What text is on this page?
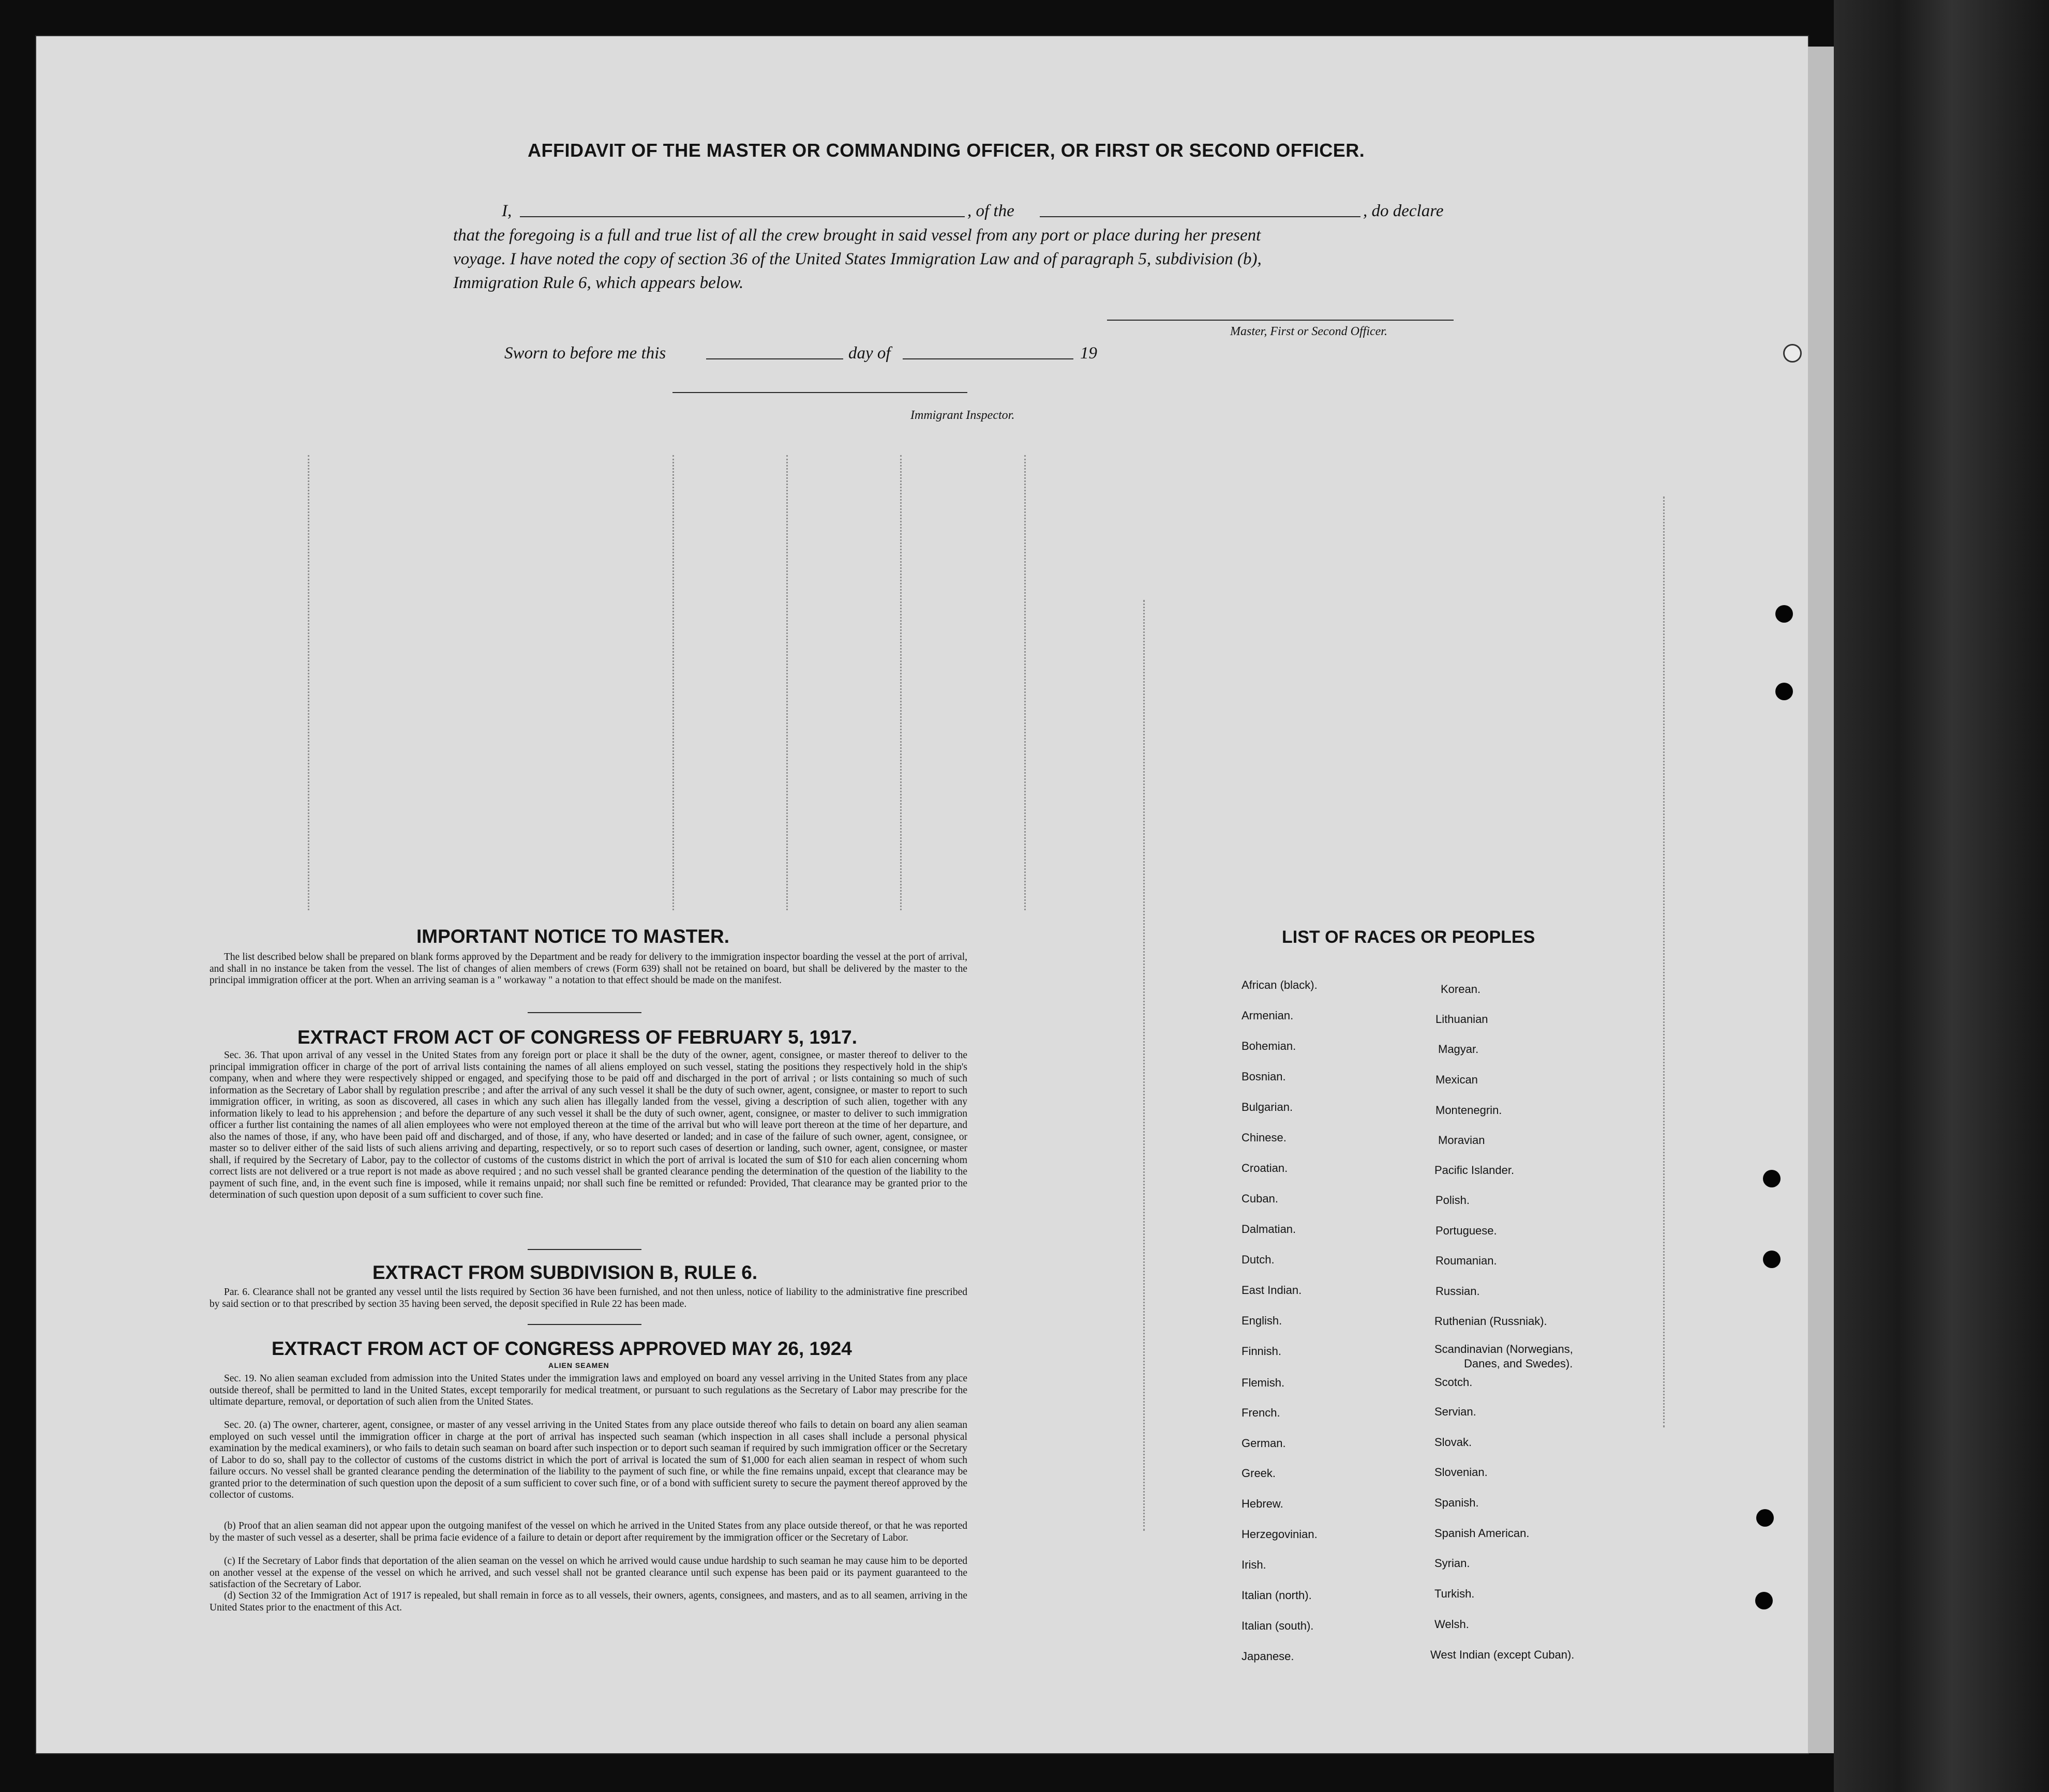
AFFIDAVIT OF THE MASTER OR COMMANDING OFFICER, OR FIRST OR SECOND OFFICER.
I,	, of the	, do declare
that the foregoing is a full and true list of all the crew brought in said vessel from any port or place during her present
voyage. I have noted the copy of section 36 of the United States Immigration Law and of paragraph 5, subdivision (b),
Immigration Rule 6, which appears below.
Master, First or Second Officer.
Sworn to before me this	day of	19
Immigrant Inspector.
IMPORTANT NOTICE TO MASTER.
The list described below shall be prepared on blank forms approved by the Department and be ready for delivery to the immigration inspector boarding the vessel at the port of arrival, and shall in no instance be taken from the vessel. The list of changes of alien members of crews (Form 639) shall not be retained on board, but shall be delivered by the master to the principal immigration officer at the port. When an arriving seaman is a " workaway " a notation to that effect should be made on the manifest.
EXTRACT FROM ACT OF CONGRESS OF FEBRUARY 5, 1917.
Sec. 36. That upon arrival of any vessel in the United States from any foreign port or place it shall be the duty of the owner, agent, consignee, or master thereof to deliver to the principal immigration officer in charge of the port of arrival lists containing the names of all aliens employed on such vessel, stating the positions they respectively hold in the ship's company, when and where they were respectively shipped or engaged, and specifying those to be paid off and discharged in the port of arrival ; or lists containing so much of such information as the Secretary of Labor shall by regulation prescribe ; and after the arrival of any such vessel it shall be the duty of such owner, agent, consignee, or master to report to such immigration officer, in writing, as soon as discovered, all cases in which any such alien has illegally landed from the vessel, giving a description of such alien, together with any information likely to lead to his apprehension ; and before the departure of any such vessel it shall be the duty of such owner, agent, consignee, or master to deliver to such immigration officer a further list containing the names of all alien employees who were not employed thereon at the time of the arrival but who will leave port thereon at the time of her departure, and also the names of those, if any, who have been paid off and discharged, and of those, if any, who have deserted or landed; and in case of the failure of such owner, agent, consignee, or master so to deliver either of the said lists of such aliens arriving and departing, respectively, or so to report such cases of desertion or landing, such owner, agent, consignee, or master shall, if required by the Secretary of Labor, pay to the collector of customs of the customs district in which the port of arrival is located the sum of $10 for each alien concerning whom correct lists are not delivered or a true report is not made as above required ; and no such vessel shall be granted clearance pending the determination of the question of the liability to the payment of such fine, and, in the event such fine is imposed, while it remains unpaid; nor shall such fine be remitted or refunded: Provided, That clearance may be granted prior to the determination of such question upon deposit of a sum sufficient to cover such fine.
EXTRACT FROM SUBDIVISION B, RULE 6.
Par. 6. Clearance shall not be granted any vessel until the lists required by Section 36 have been furnished, and not then unless, notice of liability to the administrative fine prescribed by said section or to that prescribed by section 35 having been served, the deposit specified in Rule 22 has been made.
EXTRACT FROM ACT OF CONGRESS APPROVED MAY 26, 1924
ALIEN SEAMEN
Sec. 19. No alien seaman excluded from admission into the United States under the immigration laws and employed on board any vessel arriving in the United States from any place outside thereof, shall be permitted to land in the United States, except temporarily for medical treatment, or pursuant to such regulations as the Secretary of Labor may prescribe for the ultimate departure, removal, or deportation of such alien from the United States.
Sec. 20. (a) The owner, charterer, agent, consignee, or master of any vessel arriving in the United States from any place outside thereof who fails to detain on board any alien seaman employed on such vessel until the immigration officer in charge at the port of arrival has inspected such seaman (which inspection in all cases shall include a personal physical examination by the medical examiners), or who fails to detain such seaman on board after such inspection or to deport such seaman if required by such immigration officer or the Secretary of Labor to do so, shall pay to the collector of customs of the customs district in which the port of arrival is located the sum of $1,000 for each alien seaman in respect of whom such failure occurs. No vessel shall be granted clearance pending the determination of the liability to the payment of such fine, or while the fine remains unpaid, except that clearance may be granted prior to the determination of such question upon the deposit of a sum sufficient to cover such fine, or of a bond with sufficient surety to secure the payment thereof approved by the collector of customs.
(b) Proof that an alien seaman did not appear upon the outgoing manifest of the vessel on which he arrived in the United States from any place outside thereof, or that he was reported by the master of such vessel as a deserter, shall be prima facie evidence of a failure to detain or deport after requirement by the immigration officer or the Secretary of Labor.
(c) If the Secretary of Labor finds that deportation of the alien seaman on the vessel on which he arrived would cause undue hardship to such seaman he may cause him to be deported on another vessel at the expense of the vessel on which he arrived, and such vessel shall not be granted clearance until such expense has been paid or its payment guaranteed to the satisfaction of the Secretary of Labor.
(d) Section 32 of the Immigration Act of 1917 is repealed, but shall remain in force as to all vessels, their owners, agents, consignees, and masters, and as to all seamen, arriving in the United States prior to the enactment of this Act.
LIST OF RACES OR PEOPLES
African (black).
Armenian.
Bohemian.
Bosnian.
Bulgarian.
Chinese.
Croatian.
Cuban.
Dalmatian.
Dutch.
East Indian.
English.
Finnish.
Flemish.
French.
German.
Greek.
Hebrew.
Herzegovinian.
Irish.
Italian (north).
Italian (south).
Japanese.
Korean.
Lithuanian
Magyar.
Mexican
Montenegrin.
Moravian
Pacific Islander.
Polish.
Portuguese.
Roumanian.
Russian.
Ruthenian (Russniak).
Scandinavian (Norwegians,
Danes, and Swedes).
Scotch.
Servian.
Slovak.
Slovenian.
Spanish.
Spanish American.
Syrian.
Turkish.
Welsh.
West Indian (except Cuban).
